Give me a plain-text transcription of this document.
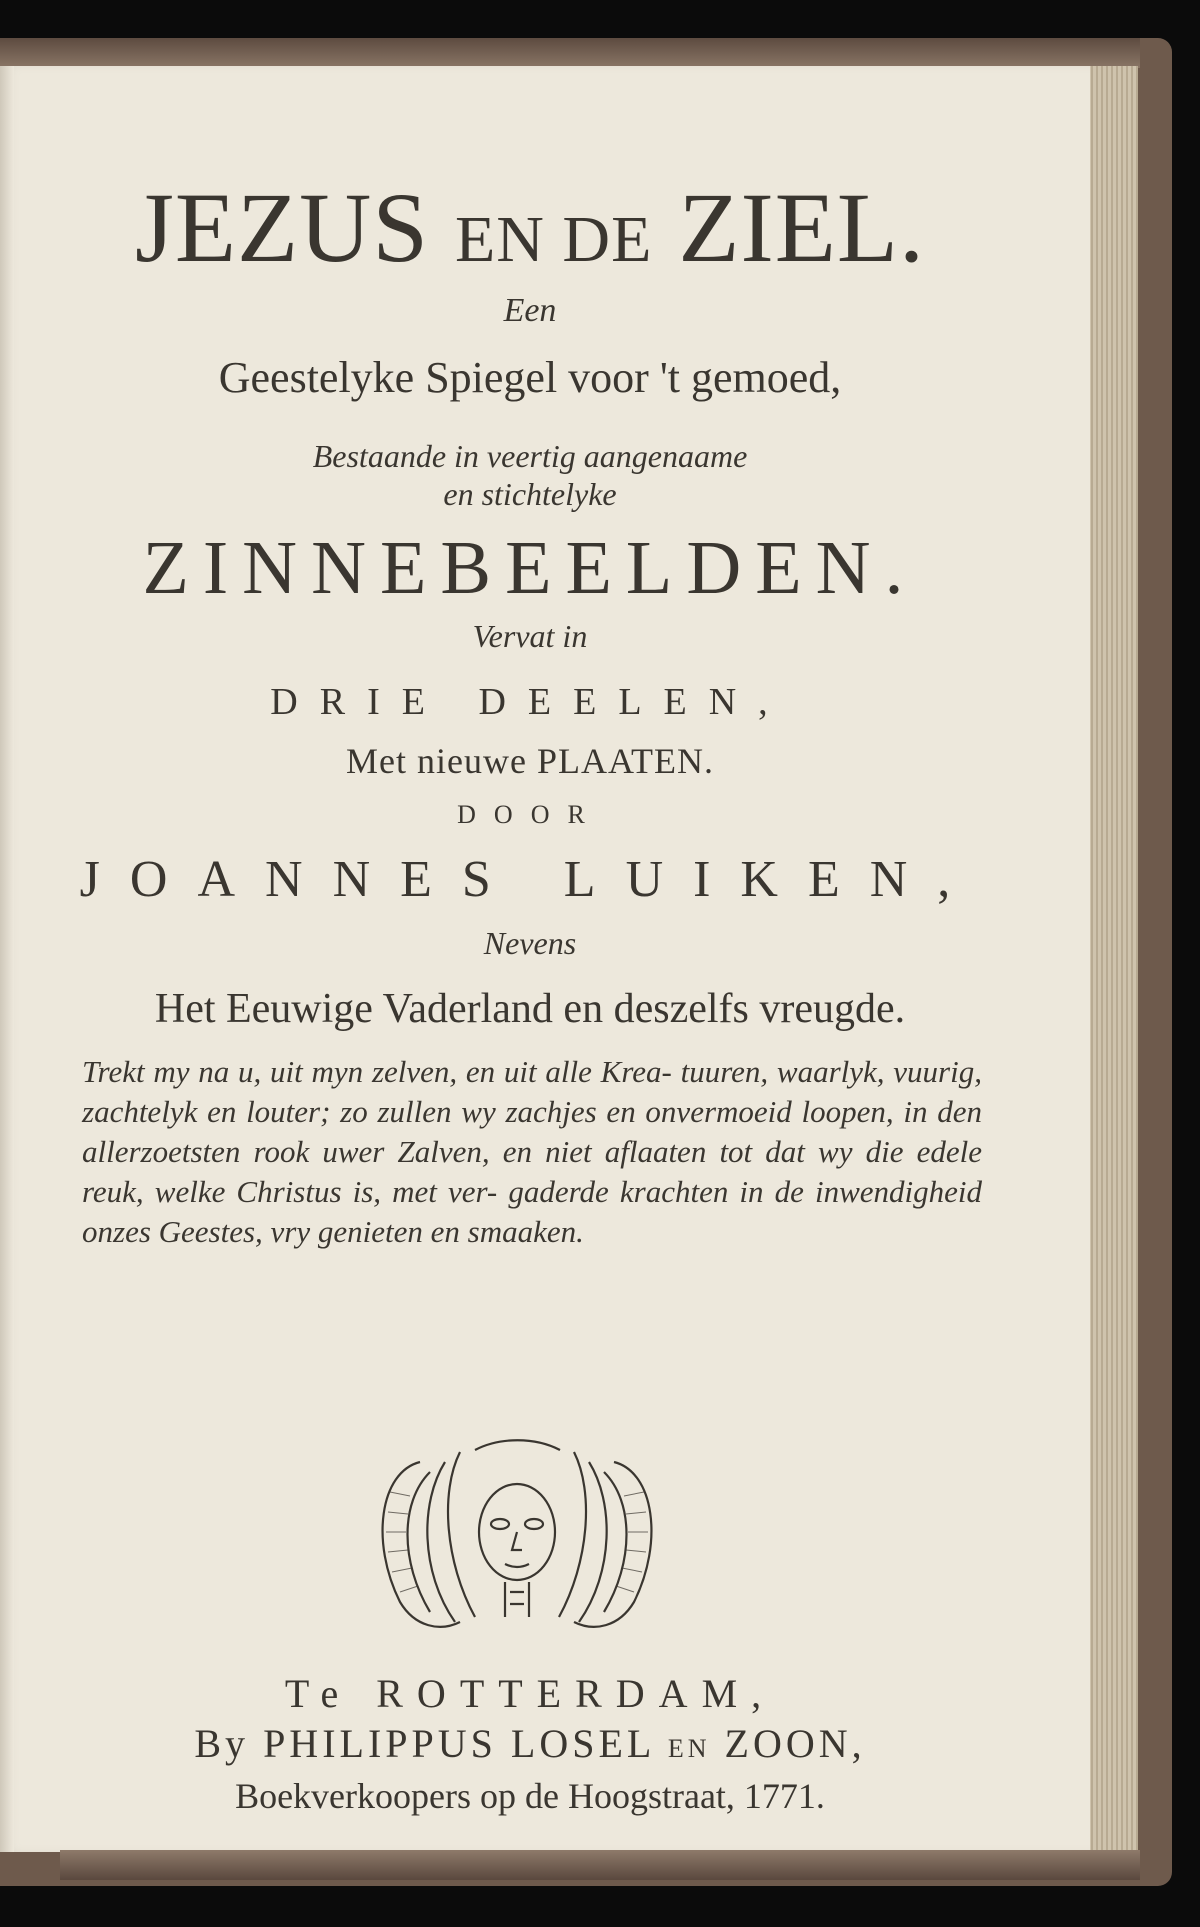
JEZUS EN DE ZIEL.
Een
Geestelyke Spiegel voor 't gemoed,
Bestaande in veertig aangenaame
en stichtelyke
ZINNEBEELDEN.
Vervat in
DRIE DEELEN,
Met nieuwe PLAATEN.
DOOR
JOANNES LUIKEN,
Nevens
Het Eeuwige Vaderland en deszelfs vreugde.
Trekt my na u, uit myn zelven, en uit alle Krea- tuuren, waarlyk, vuurig, zachtelyk en louter; zo zullen wy zachjes en onvermoeid loopen, in den allerzoetsten rook uwer Zalven, en niet aflaaten tot dat wy die edele reuk, welke Christus is, met ver- gaderde krachten in de inwendigheid onzes Geestes, vry genieten en smaaken.
Te ROTTERDAM,
By PHILIPPUS LOSEL EN ZOON,
Boekverkoopers op de Hoogstraat, 1771.
